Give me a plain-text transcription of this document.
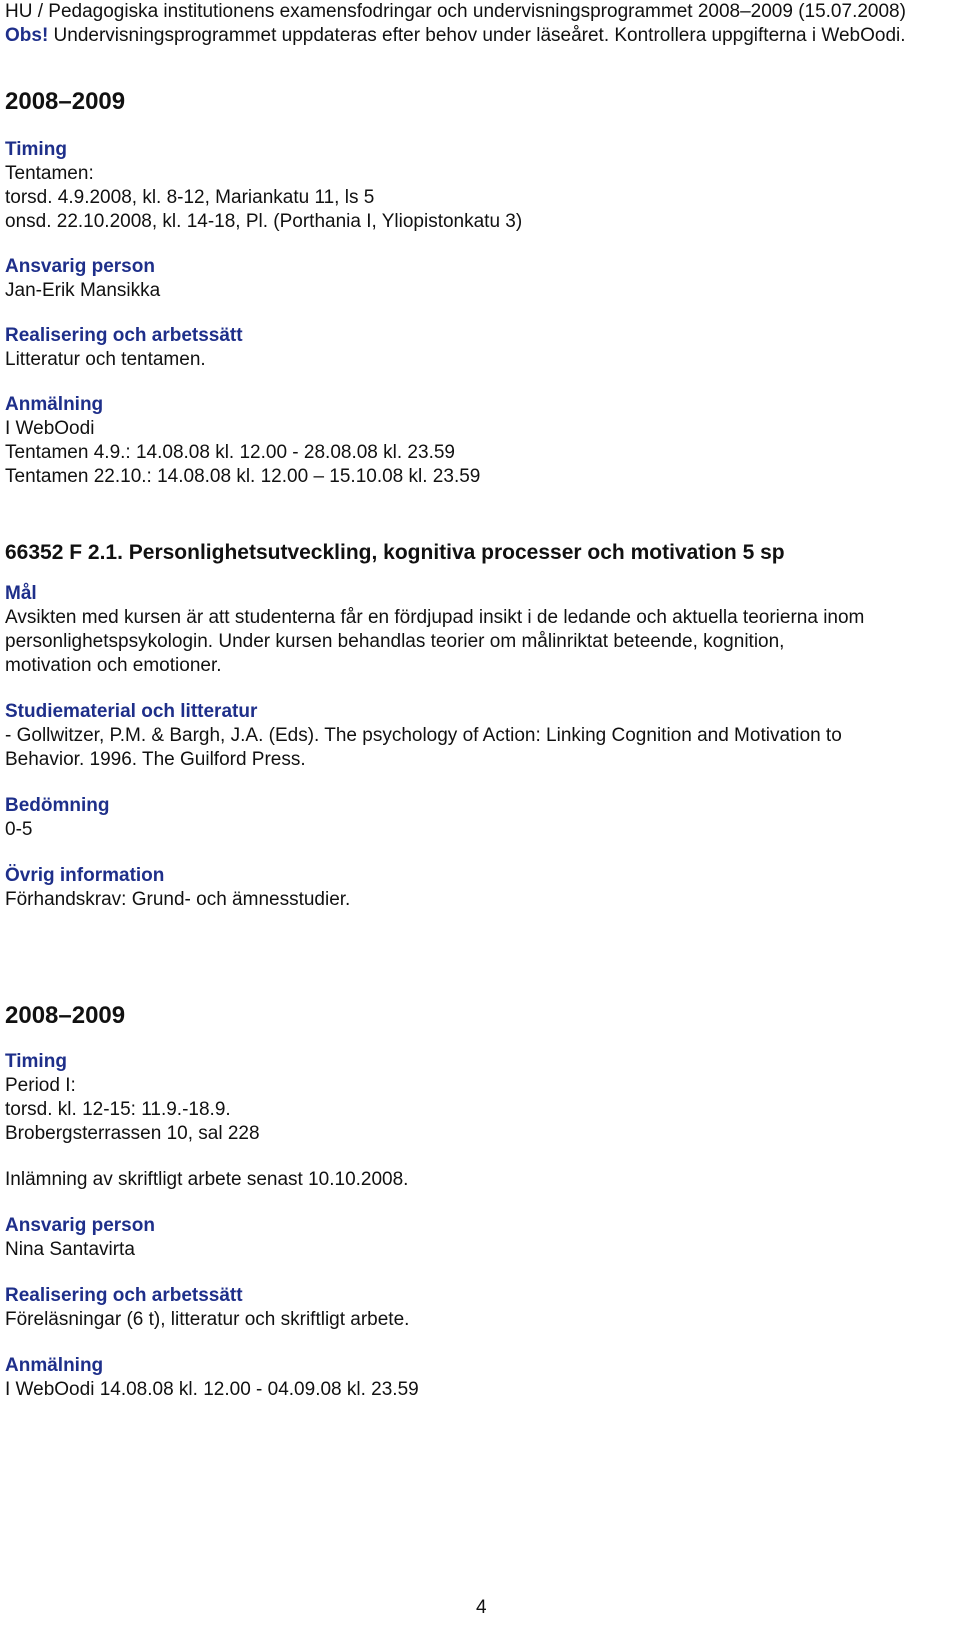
HU / Pedagogiska institutionens examensfodringar och undervisningsprogrammet 2008–2009 (15.07.2008)
Obs! Undervisningsprogrammet uppdateras efter behov under läseåret. Kontrollera uppgifterna i WebOodi.
2008–2009
Timing
Tentamen:
torsd. 4.9.2008, kl. 8-12, Mariankatu 11, ls 5
onsd. 22.10.2008, kl. 14-18, Pl. (Porthania I, Yliopistonkatu 3)
Ansvarig person
Jan-Erik Mansikka
Realisering och arbetssätt
Litteratur och tentamen.
Anmälning
I WebOodi
Tentamen 4.9.: 14.08.08 kl. 12.00 - 28.08.08 kl. 23.59
Tentamen 22.10.: 14.08.08 kl. 12.00 – 15.10.08 kl. 23.59
66352 F 2.1. Personlighetsutveckling, kognitiva processer och motivation 5 sp
Mål
Avsikten med kursen är att studenterna får en fördjupad insikt i de ledande och aktuella teorierna inom
personlighetspsykologin. Under kursen behandlas teorier om målinriktat beteende, kognition,
motivation och emotioner.
Studiematerial och litteratur
- Gollwitzer, P.M. & Bargh, J.A. (Eds). The psychology of Action: Linking Cognition and Motivation to
Behavior. 1996. The Guilford Press.
Bedömning
0-5
Övrig information
Förhandskrav: Grund- och ämnesstudier.
2008–2009
Timing
Period I:
torsd. kl. 12-15: 11.9.-18.9.
Brobergsterrassen 10, sal 228
Inlämning av skriftligt arbete senast 10.10.2008.
Ansvarig person
Nina Santavirta
Realisering och arbetssätt
Föreläsningar (6 t), litteratur och skriftligt arbete.
Anmälning
I WebOodi 14.08.08 kl. 12.00 - 04.09.08 kl. 23.59
4
